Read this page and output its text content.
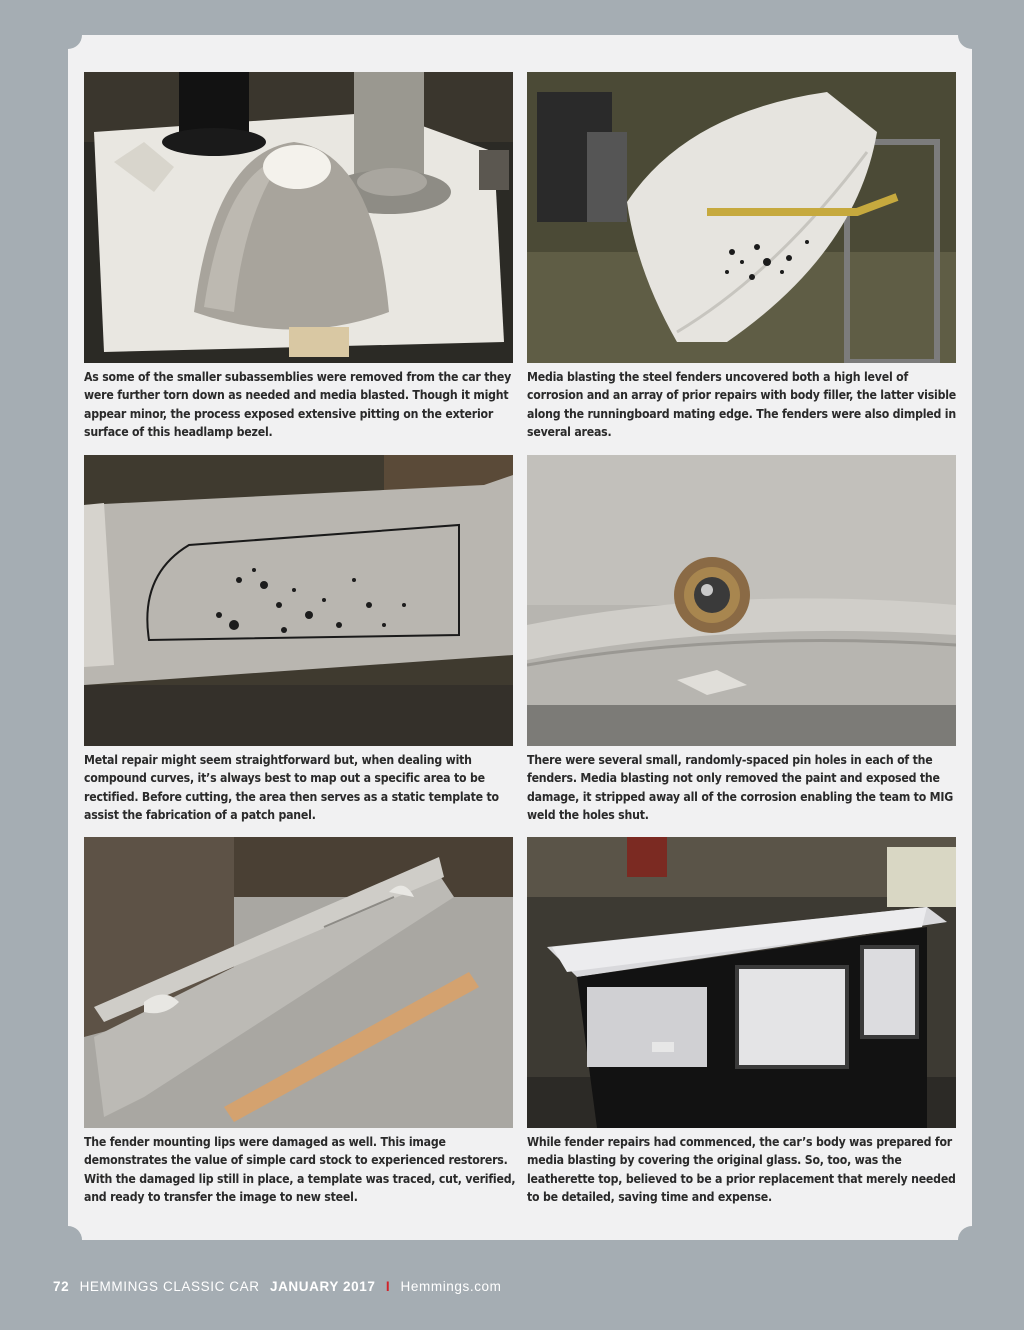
As some of the smaller subassemblies were removed from the car they were further torn down as needed and media blasted. Though it might appear minor, the process exposed extensive pitting on the exterior surface of this headlamp bezel.
Media blasting the steel fenders uncovered both a high level of corrosion and an array of prior repairs with body filler, the latter visible along the runningboard mating edge. The fenders were also dimpled in several areas.
Metal repair might seem straightforward but, when dealing with compound curves, it’s always best to map out a specific area to be rectified. Before cutting, the area then serves as a static template to assist the fabrication of a patch panel.
There were several small, randomly-spaced pin holes in each of the fenders. Media blasting not only removed the paint and exposed the damage, it stripped away all of the corrosion enabling the team to MIG weld the holes shut.
The fender mounting lips were damaged as well. This image demonstrates the value of simple card stock to experienced restorers. With the damaged lip still in place, a template was traced, cut, verified, and ready to transfer the image to new steel.
While fender repairs had commenced, the car’s body was prepared for media blasting by covering the original glass. So, too, was the leatherette top, believed to be a prior replacement that merely needed to be detailed, saving time and expense.
72 HEMMINGS CLASSIC CAR JANUARY 2017 I Hemmings.com
